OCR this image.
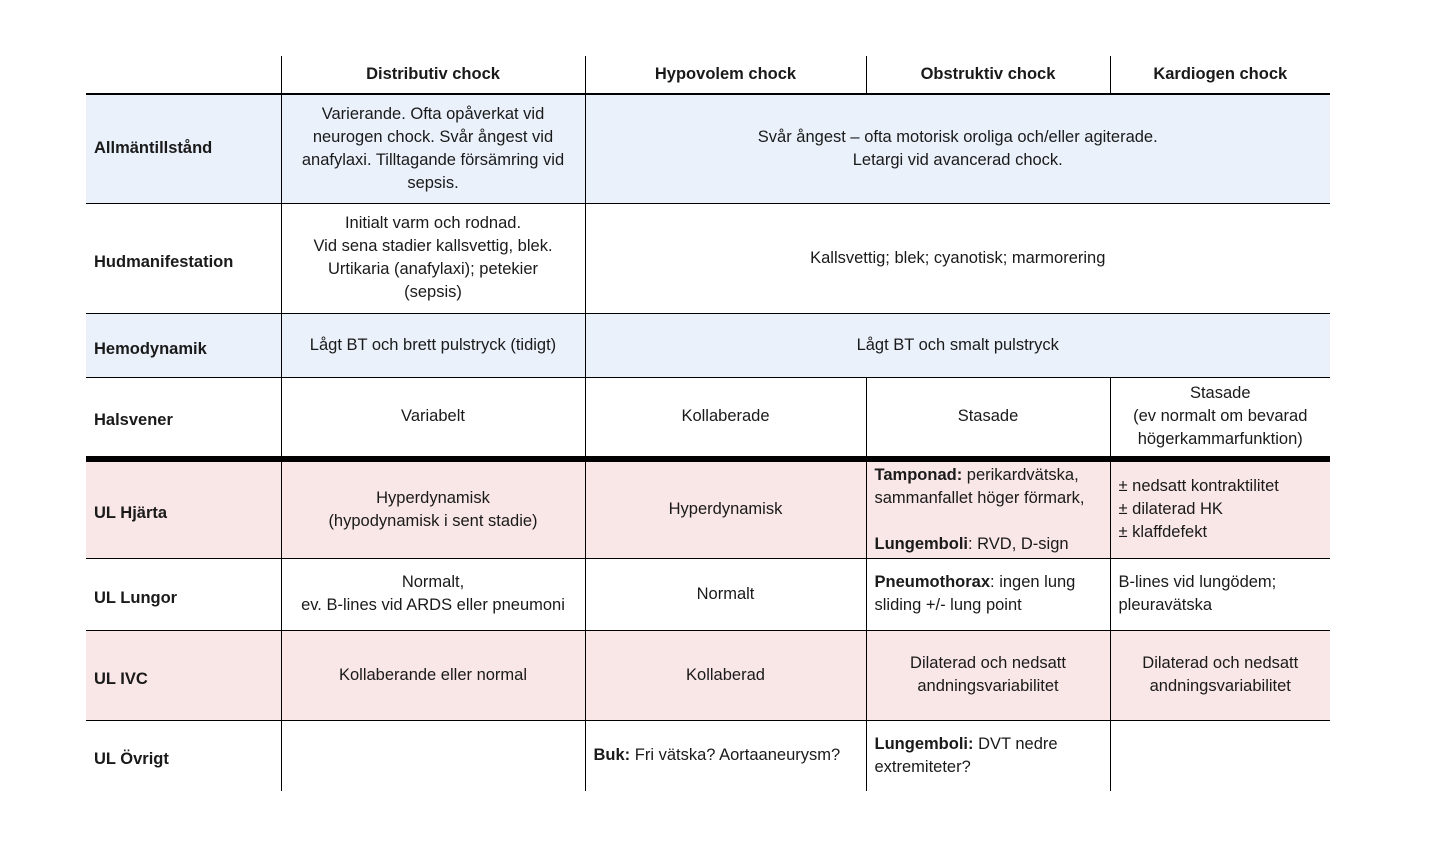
	Distributiv chock	Hypovolem chock	Obstruktiv chock	Kardiogen chock
Allmäntillstånd	Varierande. Ofta opåverkat vid
neurogen chock. Svår ångest vid
anafylaxi. Tilltagande försämring vid
sepsis.	Svår ångest – ofta motorisk oroliga och/eller agiterade.
Letargi vid avancerad chock.		

Hudmanifestation	Initialt varm och rodnad.
Vid sena stadier kallsvettig, blek.
Urtikaria (anafylaxi); petekier
(sepsis)	Kallsvettig; blek; cyanotisk; marmorering		
Hemodynamik	Lågt BT och brett pulstryck (tidigt)	Lågt BT och smalt pulstryck		
Halsvener	Variabelt	Kollaberade	Stasade	Stasade
(ev normalt om bevarad
högerkammarfunktion)

UL Hjärta	Hyperdynamisk
(hypodynamisk i sent stadie)	Hyperdynamisk	Tamponad: perikardvätska,
sammanfallet höger förmark,
Lungemboli: RVD, D-sign	± nedsatt kontraktilitet
± dilaterad HK
± klaffdefekt

UL Lungor	Normalt,
ev. B-lines vid ARDS eller pneumoni	Normalt	Pneumothorax: ingen lung
sliding +/- lung point	B-lines vid lungödem;
pleuravätska

UL IVC	Kollaberande eller normal	Kollaberad	Dilaterad och nedsatt
andningsvariabilitet	Dilaterad och nedsatt
andningsvariabilitet

UL Övrigt		Buk: Fri vätska? Aortaaneurysm?	Lungemboli: DVT nedre
extremiteter?	
